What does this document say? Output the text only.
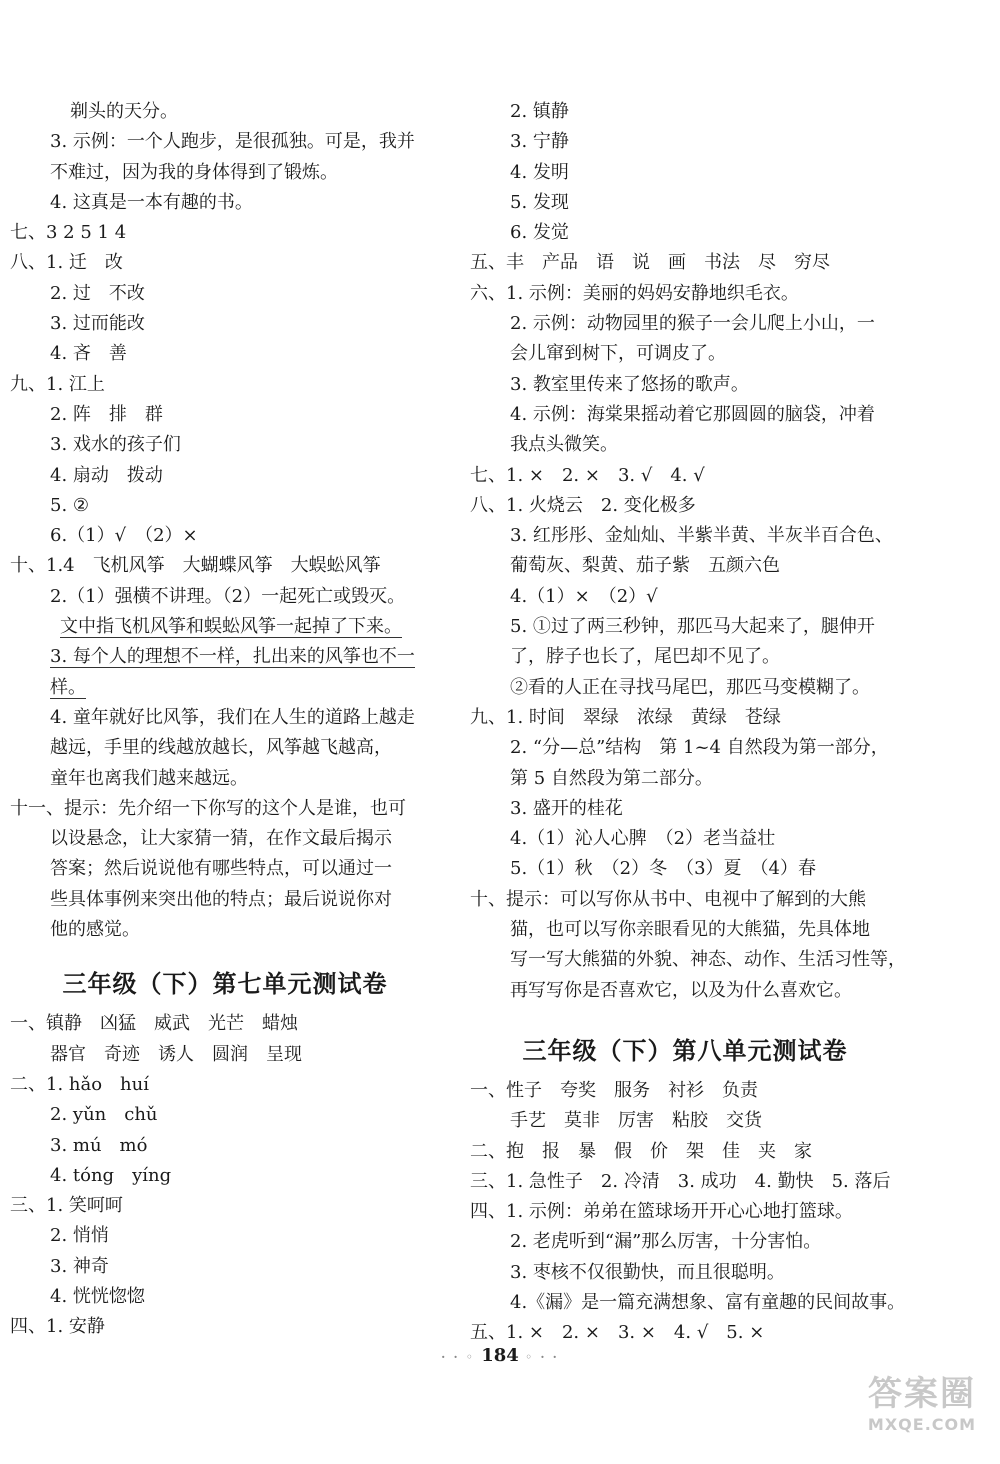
剃头的天分。
3. 示例：一个人跑步，是很孤独。可是，我并
不难过，因为我的身体得到了锻炼。
4. 这真是一本有趣的书。
七、3 2 5 1 4
八、1. 迁　改
2. 过　不改
3. 过而能改
4. 吝　善
九、1. 江上
2. 阵　排　群
3. 戏水的孩子们
4. 扇动　拨动
5. ②
6.（1）√　（2）×
十、1.4　飞机风筝　大蝴蝶风筝　大蜈蚣风筝
2.（1）强横不讲理。（2）一起死亡或毁灭。
文中指飞机风筝和蜈蚣风筝一起掉了下来。
3. 每个人的理想不一样，扎出来的风筝也不一
样。
4. 童年就好比风筝，我们在人生的道路上越走
越远，手里的线越放越长，风筝越飞越高，
童年也离我们越来越远。
十一、提示：先介绍一下你写的这个人是谁，也可
以设悬念，让大家猜一猜，在作文最后揭示
答案；然后说说他有哪些特点，可以通过一
些具体事例来突出他的特点；最后说说你对
他的感觉。
三年级（下）第七单元测试卷
一、镇静　凶猛　威武　光芒　蜡烛
器官　奇迹　诱人　圆润　呈现
二、1. hǎo　huí
2. yǔn　chǔ
3. mú　mó
4. tóng　yíng
三、1. 笑呵呵
2. 悄悄
3. 神奇
4. 恍恍惚惚
四、1. 安静
2. 镇静
3. 宁静
4. 发明
5. 发现
6. 发觉
五、丰　产品　语　说　画　书法　尽　穷尽
六、1. 示例：美丽的妈妈安静地织毛衣。
2. 示例：动物园里的猴子一会儿爬上小山，一
会儿窜到树下，可调皮了。
3. 教室里传来了悠扬的歌声。
4. 示例：海棠果摇动着它那圆圆的脑袋，冲着
我点头微笑。
七、1. ×　2. ×　3. √　4. √
八、1. 火烧云　2. 变化极多
3. 红彤彤、金灿灿、半紫半黄、半灰半百合色、
葡萄灰、梨黄、茄子紫　五颜六色
4.（1）×　（2）√
5. ①过了两三秒钟，那匹马大起来了，腿伸开
了，脖子也长了，尾巴却不见了。
②看的人正在寻找马尾巴，那匹马变模糊了。
九、1. 时间　翠绿　浓绿　黄绿　苍绿
2. “分—总”结构　第 1~4 自然段为第一部分，
第 5 自然段为第二部分。
3. 盛开的桂花
4.（1）沁人心脾　（2）老当益壮
5.（1）秋　（2）冬　（3）夏　（4）春
十、提示：可以写你从书中、电视中了解到的大熊
猫，也可以写你亲眼看见的大熊猫，先具体地
写一写大熊猫的外貌、神态、动作、生活习性等，
再写写你是否喜欢它，以及为什么喜欢它。
三年级（下）第八单元测试卷
一、性子　夸奖　服务　衬衫　负责
手艺　莫非　厉害　粘胶　交货
二、抱　报　暴　假　价　架　佳　夹　家
三、1. 急性子　2. 冷清　3. 成功　4. 勤快　5. 落后
四、1. 示例：弟弟在篮球场开开心心地打篮球。
2. 老虎听到“漏”那么厉害，十分害怕。
3. 枣核不仅很勤快，而且很聪明。
4.《漏》是一篇充满想象、富有童趣的民间故事。
五、1. ×　2. ×　3. ×　4. √　5. ×
· · ◦ 184 ◦ · ·
答案圈
MXQE.COM
